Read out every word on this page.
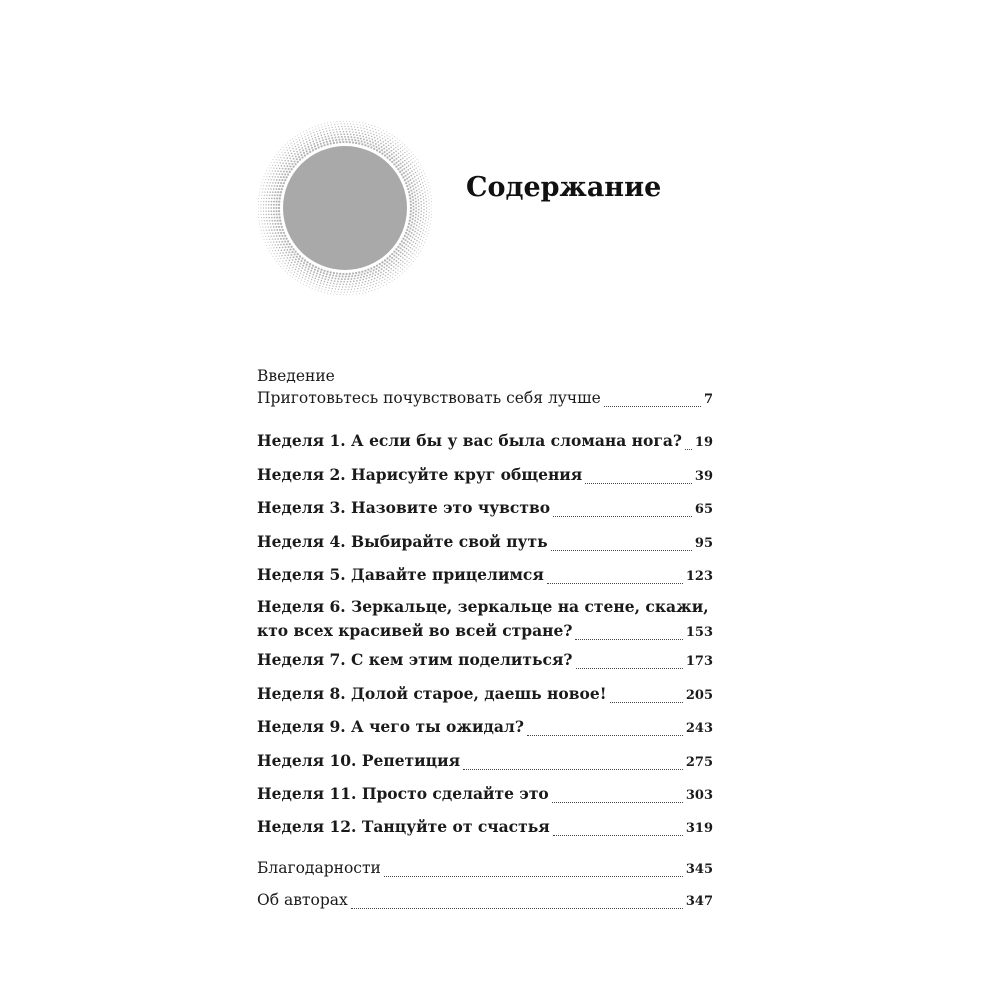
Содержание
Введение
Приготовьтесь почувствовать себя лучше	7
Неделя 1. А если бы у вас была сломана нога? 19
Неделя 2. Нарисуйте круг общения	39
Неделя 3. Назовите это чувство	65
Неделя 4. Выбирайте свой путь	95
Неделя 5. Давайте прицелимся	123
Неделя 6. Зеркальце, зеркальце на стене, скажи,
кто всех красивей во всей стране?	153
Неделя 7. С кем этим поделиться?	173
Неделя 8. Долой старое, даешь новое!	205
Неделя 9. А чего ты ожидал?	243
Неделя 10. Репетиция	275
Неделя 11. Просто сделайте это	303
Неделя 12. Танцуйте от счастья	319
Благодарности	345
Об авторах	347
